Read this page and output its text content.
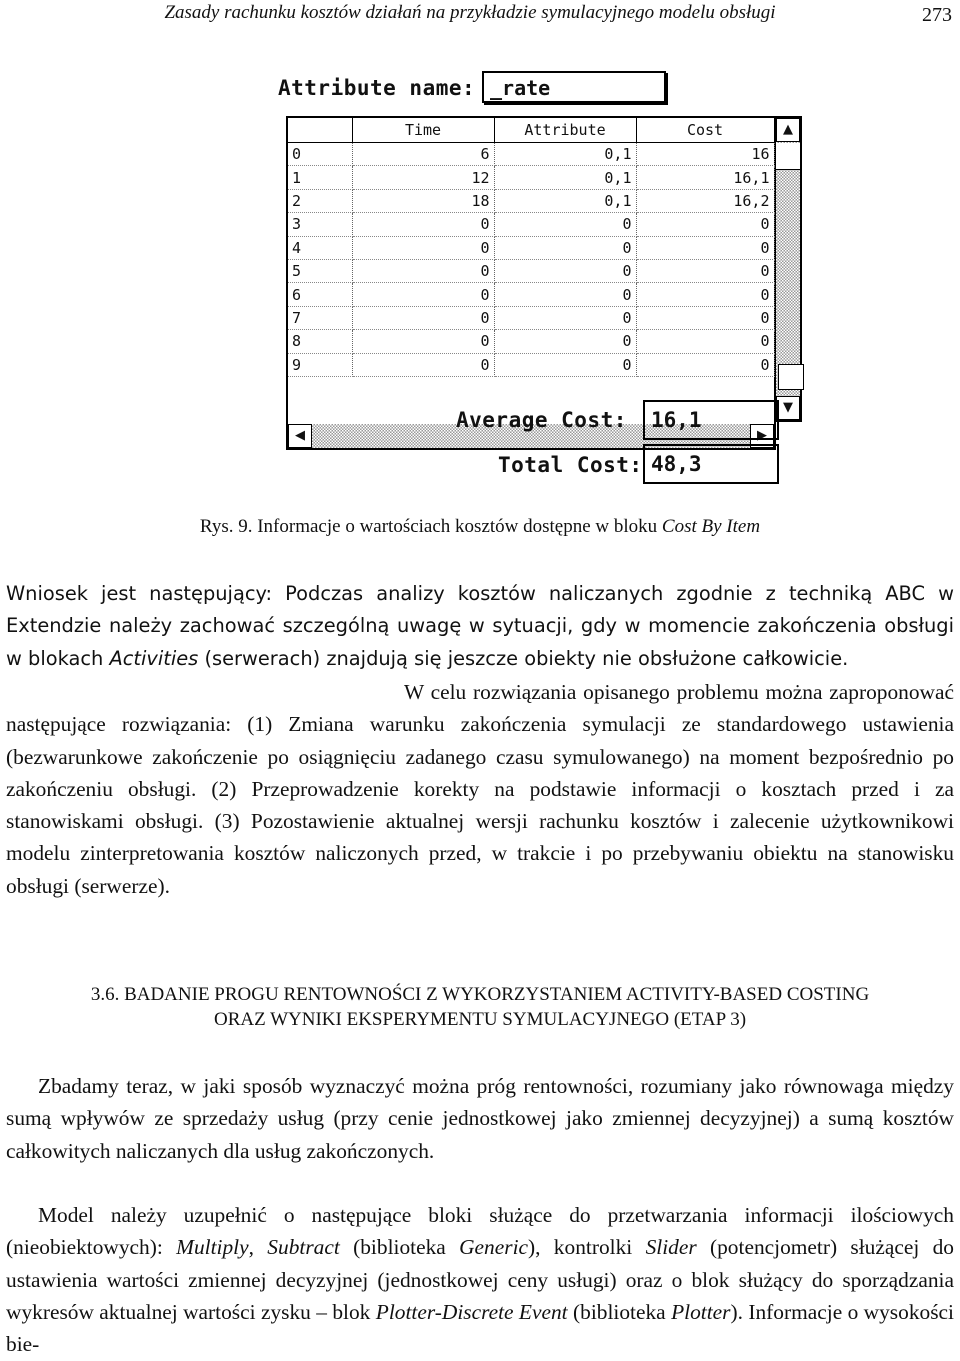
Zasady rachunku kosztów działań na przykładzie symulacyjnego modelu obsługi	273
Attribute name: _rate
	Time	Attribute	Cost
0	6	0,1	16
1	12	0,1	16,1
2	18	0,1	16,2
3	0	0	0
4	0	0	0
5	0	0	0
6	0	0	0
7	0	0	0
8	0	0	0
9	0	0	0
▲
▼
◀	▶
Average Cost:	16,1
Total Cost: 48,3
Rys. 9. Informacje o wartościach kosztów dostępne w bloku Cost By Item
Wniosek jest następujący: Podczas analizy kosztów naliczanych zgodnie z techniką ABC w Extendzie należy zachować szczególną uwagę w sytuacji, gdy w momencie zakończenia obsługi w blokach Activities (serwerach) znajdują się jeszcze obiekty nie obsłużone całkowicie.
W celu rozwiązania opisanego problemu można zaproponować następujące rozwiązania: (1) Zmiana warunku zakończenia symulacji ze standardowego ustawienia (bezwarunkowe zakończenie po osiągnięciu zadanego czasu symulowanego) na moment bezpośrednio po zakończeniu obsługi. (2) Przeprowadzenie korekty na podstawie informacji o kosztach przed i za stanowiskami obsługi. (3) Pozostawienie aktualnej wersji rachunku kosztów i zalecenie użytkownikowi modelu zinterpretowania kosztów naliczonych przed, w trakcie i po przebywaniu obiektu na stanowisku obsługi (serwerze).
3.6. BADANIE PROGU RENTOWNOŚCI Z WYKORZYSTANIEM ACTIVITY-BASED COSTING
ORAZ WYNIKI EKSPERYMENTU SYMULACYJNEGO (ETAP 3)

Zbadamy teraz, w jaki sposób wyznaczyć można próg rentowności, rozumiany jako równowaga między sumą wpływów ze sprzedaży usług (przy cenie jednostkowej jako zmiennej decyzyjnej) a sumą kosztów całkowitych naliczanych dla usług zakończonych.

Model należy uzupełnić o następujące bloki służące do przetwarzania informacji ilościowych (nieobiektowych): Multiply, Subtract (biblioteka Generic), kontrolki Slider (potencjometr) służącej do ustawienia wartości zmiennej decyzyjnej (jednostkowej ceny usługi) oraz o blok służący do sporządzania wykresów aktualnej wartości zysku – blok Plotter-Discrete Event (biblioteka Plotter). Informacje o wysokości bie-
